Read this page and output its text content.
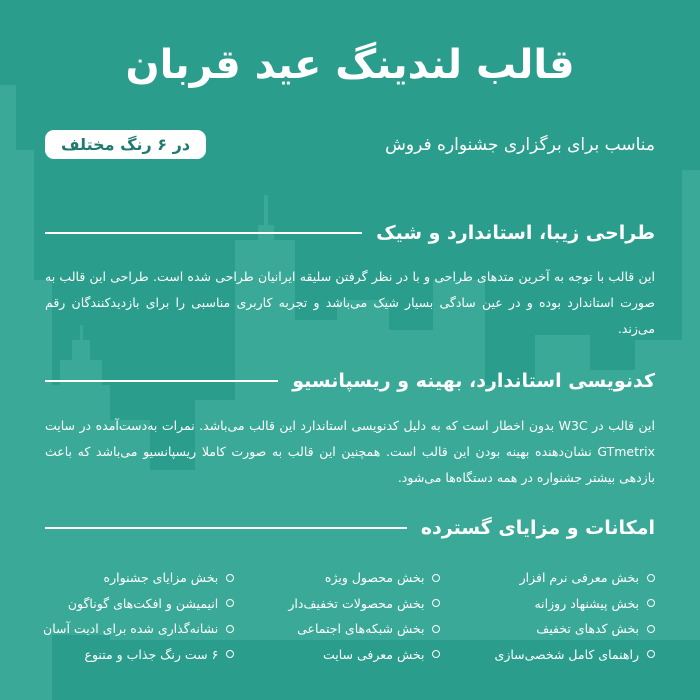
قالب لندینگ عید قربان
مناسب برای برگزاری جشنواره فروش
در ۶ رنگ مختلف
طراحی زیبا، استاندارد و شیک

این قالب با توجه به آخرین متدهای طراحی و با در نظر گرفتن سلیقه ایرانیان طراحی شده است. طراحی این قالب به صورت استاندارد بوده و در عین سادگی بسیار شیک می‌باشد و تجربه کاربری مناسبی را برای بازدیدکنندگان رقم می‌زند.

کدنویسی استاندارد، بهینه و ریسپانسیو

این قالب در W3C بدون اخطار است که به دلیل کدنویسی استاندارد این قالب می‌باشد. نمرات به‌دست‌آمده در سایت GTmetrix نشان‌دهنده بهینه بودن این قالب است. همچنین این قالب به صورت کاملا ریسپانسیو می‌باشد که باعث بازدهی بیشتر جشنواره در همه دستگاه‌ها می‌شود.

امکانات و مزایای گسترده
بخش معرفی نرم افزار
بخش پیشنهاد روزانه
بخش کدهای تخفیف
راهنمای کامل شخصی‌سازی
بخش محصول ویژه
بخش محصولات تخفیف‌دار
بخش شبکه‌های اجتماعی
بخش معرفی سایت
بخش مزایای جشنواره
انیمیشن و افکت‌های گوناگون
نشانه‌گذاری شده برای ادیت آسان
۶ ست رنگ جذاب و متنوع
